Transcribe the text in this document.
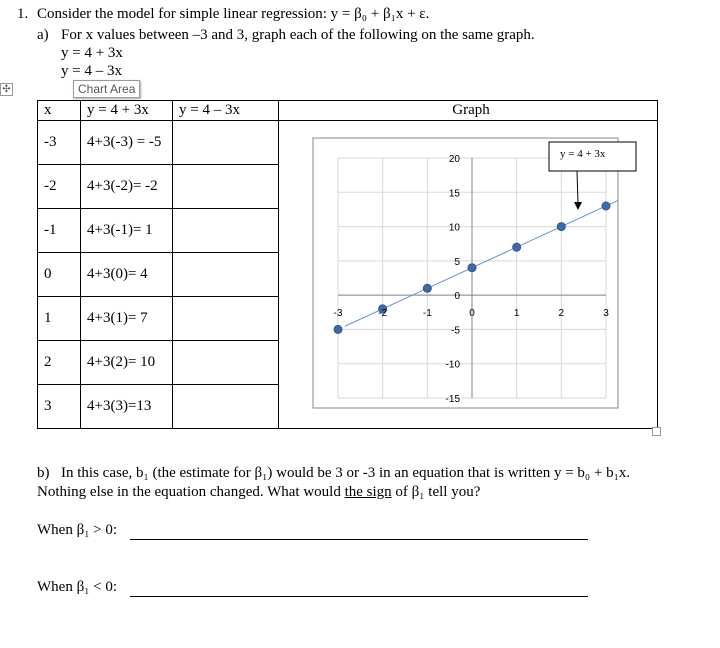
1. Consider the model for simple linear regression: y = β₀ + β₁x + ε.
a) For x values between –3 and 3, graph each of the following on the same graph.
y = 4 + 3x
y = 4 – 3x
✣	Chart Area
x	y = 4 + 3x	y = 4 – 3x	Graph
-3	4+3(-3) = -5		
-2	4+3(-2)= -2		
-1	4+3(-1)= 1		
0	4+3(0)= 4		
1	4+3(1)= 7		
2	4+3(2)= 10		
3	4+3(3)=13		
20
15
10
5
0
-5
-10
-15
-3	-2	-1	0	1	2	3
y = 4 + 3x
b) In this case, b₁ (the estimate for β₁) would be 3 or -3 in an equation that is written y = b₀ + b₁x.
Nothing else in the equation changed. What would the sign of β₁ tell you?
When β₁ > 0:
When β₁ < 0:
